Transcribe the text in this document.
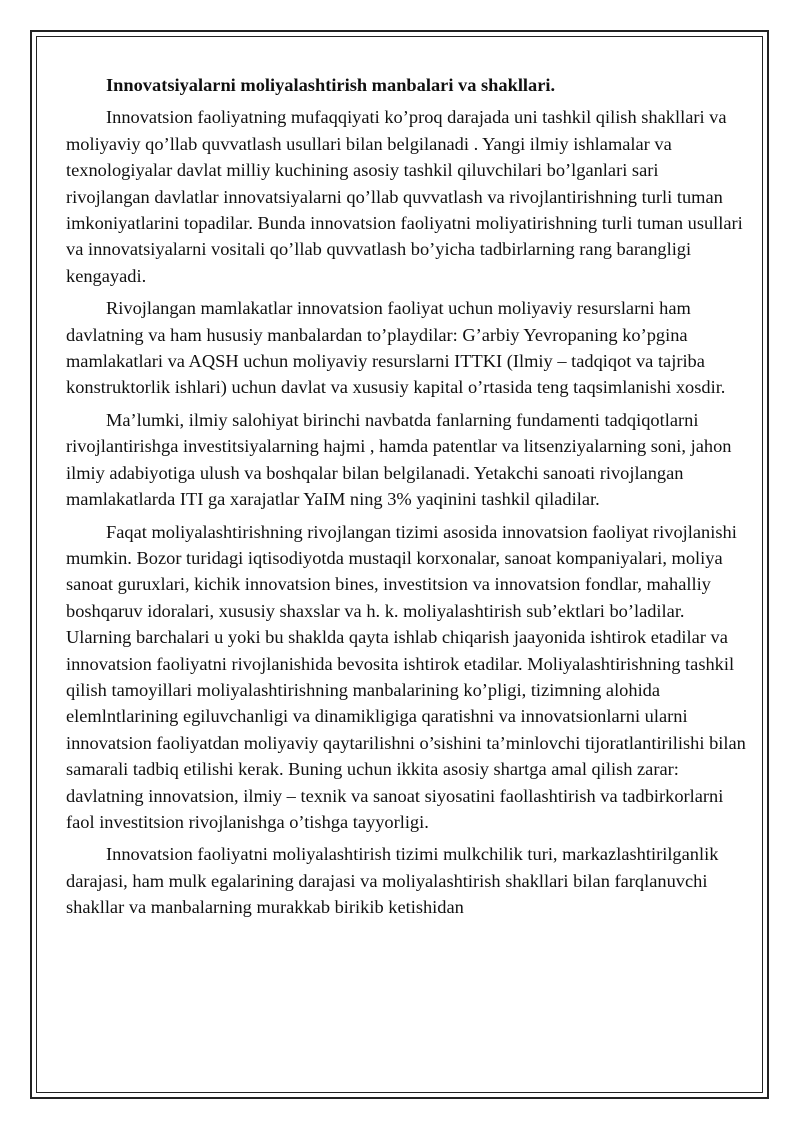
Innovatsiyalarni moliyalashtirish manbalari va shakllari.

Innovatsion faoliyatning mufaqqiyati ko’proq darajada uni tashkil qilish shakllari va moliyaviy qo’llab quvvatlash usullari bilan belgilanadi . Yangi ilmiy ishlamalar va texnologiyalar davlat milliy kuchining asosiy tashkil qiluvchilari bo’lganlari sari rivojlangan davlatlar innovatsiyalarni qo’llab quvvatlash va rivojlantirishning turli tuman imkoniyatlarini topadilar. Bunda innovatsion faoliyatni moliyatirishning turli tuman usullari va innovatsiyalarni vositali qo’llab quvvatlash bo’yicha tadbirlarning rang barangligi kengayadi.

Rivojlangan mamlakatlar innovatsion faoliyat uchun moliyaviy resurslarni ham davlatning va ham hususiy manbalardan to’playdilar: G’arbiy Yevropaning ko’pgina mamlakatlari va AQSH uchun moliyaviy resurslarni ITTKI (Ilmiy – tadqiqot va tajriba konstruktorlik ishlari) uchun davlat va xususiy kapital o’rtasida teng taqsimlanishi xosdir.

Ma’lumki, ilmiy salohiyat birinchi navbatda fanlarning fundamenti tadqiqotlarni rivojlantirishga investitsiyalarning hajmi , hamda patentlar va litsenziyalarning soni, jahon ilmiy adabiyotiga ulush va boshqalar bilan belgilanadi. Yetakchi sanoati rivojlangan mamlakatlarda ITI ga xarajatlar YaIM ning 3% yaqinini tashkil qiladilar.

Faqat moliyalashtirishning rivojlangan tizimi asosida innovatsion faoliyat rivojlanishi mumkin. Bozor turidagi iqtisodiyotda mustaqil korxonalar, sanoat kompaniyalari, moliya sanoat guruxlari, kichik innovatsion bines, investitsion va innovatsion fondlar, mahalliy boshqaruv idoralari, xususiy shaxslar va h. k. moliyalashtirish sub’ektlari bo’ladilar. Ularning barchalari u yoki bu shaklda qayta ishlab chiqarish jaayonida ishtirok etadilar va innovatsion faoliyatni rivojlanishida bevosita ishtirok etadilar. Moliyalashtirishning tashkil qilish tamoyillari moliyalashtirishning manbalarining ko’pligi, tizimning alohida elemlntlarining egiluvchanligi va dinamikligiga qaratishni va innovatsionlarni ularni innovatsion faoliyatdan moliyaviy qaytarilishni o’sishini ta’minlovchi tijoratlantirilishi bilan samarali tadbiq etilishi kerak. Buning uchun ikkita asosiy shartga amal qilish zarar: davlatning innovatsion, ilmiy – texnik va sanoat siyosatini faollashtirish va tadbirkorlarni faol investitsion rivojlanishga o’tishga tayyorligi.

Innovatsion faoliyatni moliyalashtirish tizimi mulkchilik turi, markazlashtirilganlik darajasi, ham mulk egalarining darajasi va moliyalashtirish shakllari bilan farqlanuvchi shakllar va manbalarning murakkab birikib ketishidan
